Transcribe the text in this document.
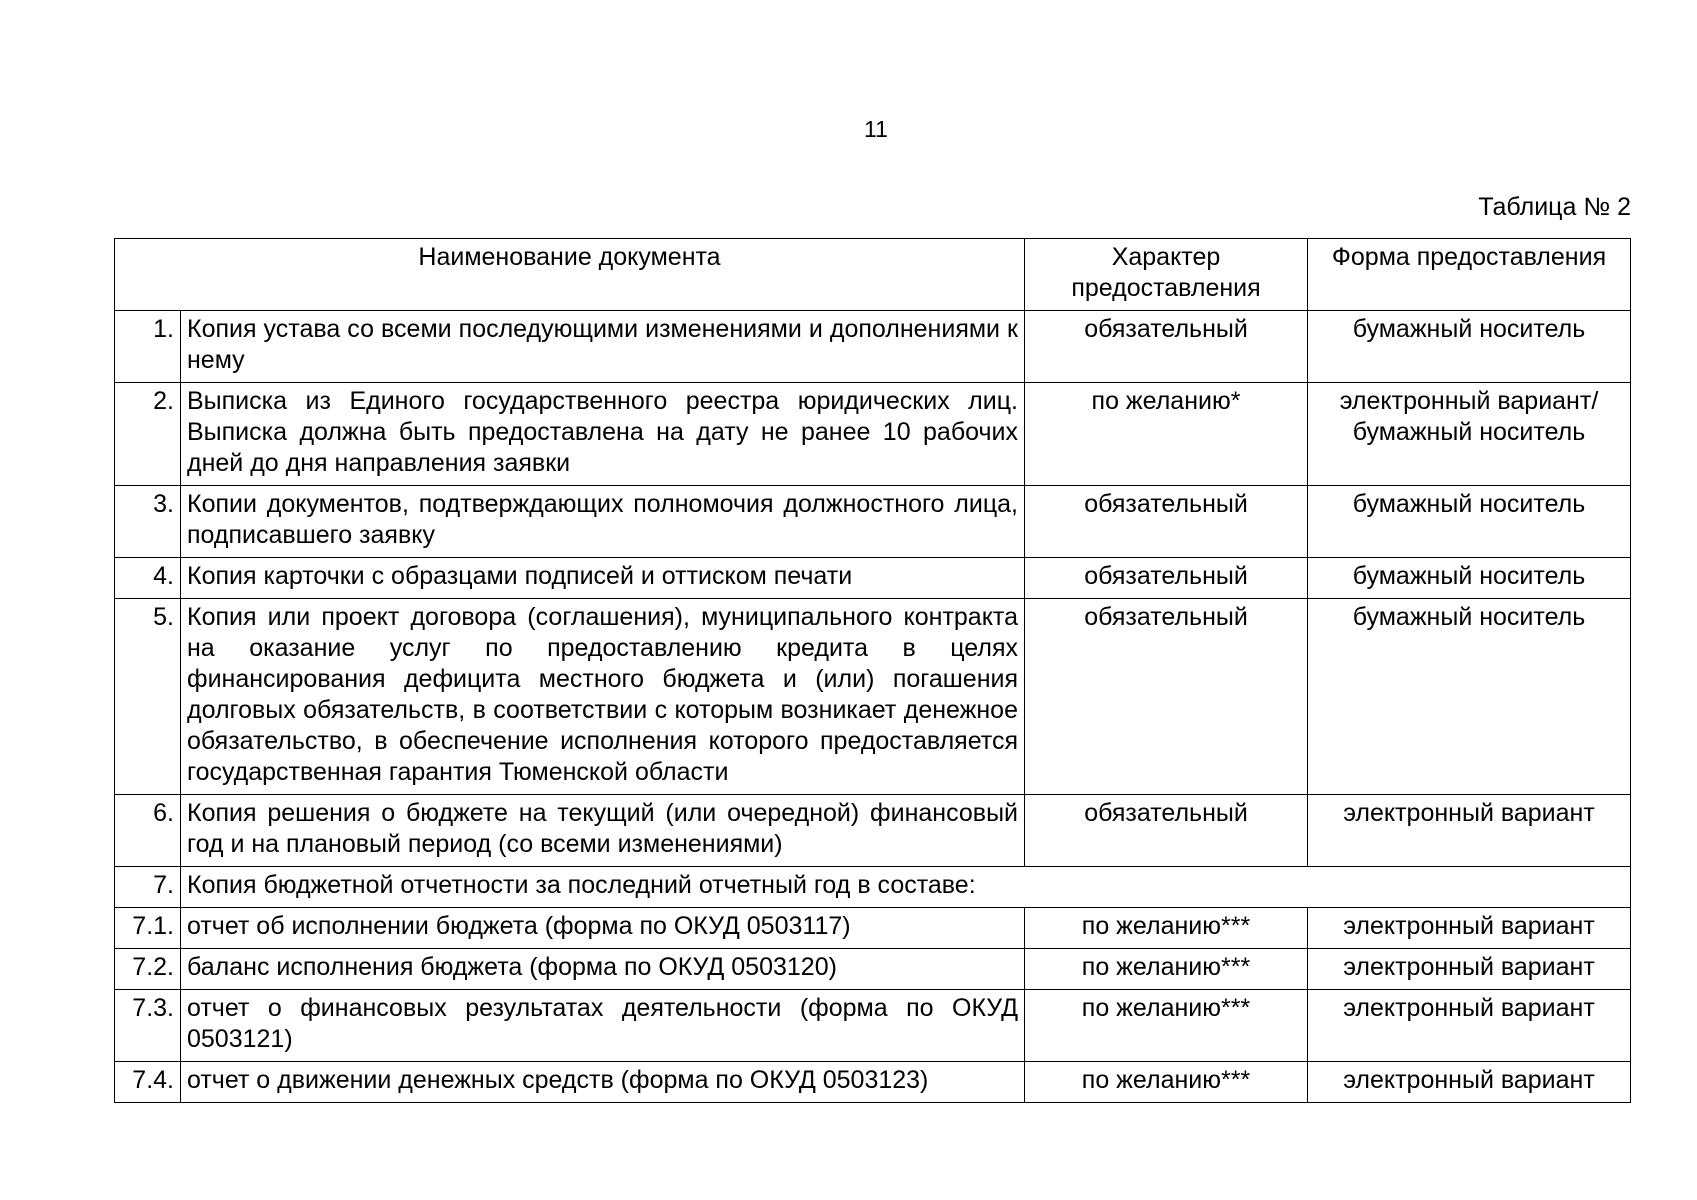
11
Таблица № 2
Наименование документа		Характер предоставления	Форма предоставления
1.	Копия устава со всеми последующими изменениями и дополнениями к нему	обязательный	бумажный носитель
2.	Выписка из Единого государственного реестра юридических лиц. Выписка должна быть предоставлена на дату не ранее 10 рабочих дней до дня направления заявки	по желанию*	электронный вариант/ бумажный носитель
3.	Копии документов, подтверждающих полномочия должностного лица, подписавшего заявку	обязательный	бумажный носитель
4.	Копия карточки с образцами подписей и оттиском печати	обязательный	бумажный носитель
5.	Копия или проект договора (соглашения), муниципального контракта на оказание услуг по предоставлению кредита в целях финансирования дефицита местного бюджета и (или) погашения долговых обязательств, в соответствии с которым возникает денежное обязательство, в обеспечение исполнения которого предоставляется государственная гарантия Тюменской области	обязательный	бумажный носитель
6.	Копия решения о бюджете на текущий (или очередной) финансовый год и на плановый период (со всеми изменениями)	обязательный	электронный вариант
7.	Копия бюджетной отчетности за последний отчетный год в составе:		
7.1.	отчет об исполнении бюджета (форма по ОКУД 0503117)	по желанию***	электронный вариант
7.2.	баланс исполнения бюджета (форма по ОКУД 0503120)	по желанию***	электронный вариант
7.3.	отчет о финансовых результатах деятельности (форма по ОКУД 0503121)	по желанию***	электронный вариант
7.4.	отчет о движении денежных средств (форма по ОКУД 0503123)	по желанию***	электронный вариант
